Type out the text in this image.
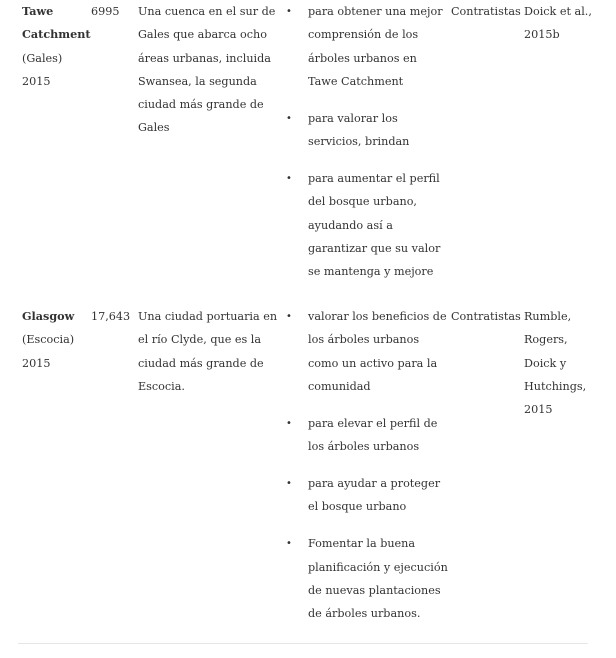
Tawe
Catchment
(Gales)
2015
6995	Una cuenca en el sur de Gales que abarca ocho áreas urbanas, incluida Swansea, la segunda ciudad más grande de Gales
• para obtener una mejor comprensión de los árboles urbanos en Tawe Catchment
• para valorar los servicios, brindan
• para aumentar el perfil del bosque urbano, ayudando así a garantizar que su valor se mantenga y mejore
Contratistas Doick et al., 2015b
Glasgow
(Escocia)
2015
17,643 Una ciudad portuaria en el río Clyde, que es la ciudad más grande de Escocia.
• valorar los beneficios de los árboles urbanos como un activo para la comunidad
• para elevar el perfil de los árboles urbanos
• para ayudar a proteger el bosque urbano
• Fomentar la buena planificación y ejecución de nuevas plantaciones de árboles urbanos.
Contratistas Rumble, Rogers, Doick y Hutchings, 2015
